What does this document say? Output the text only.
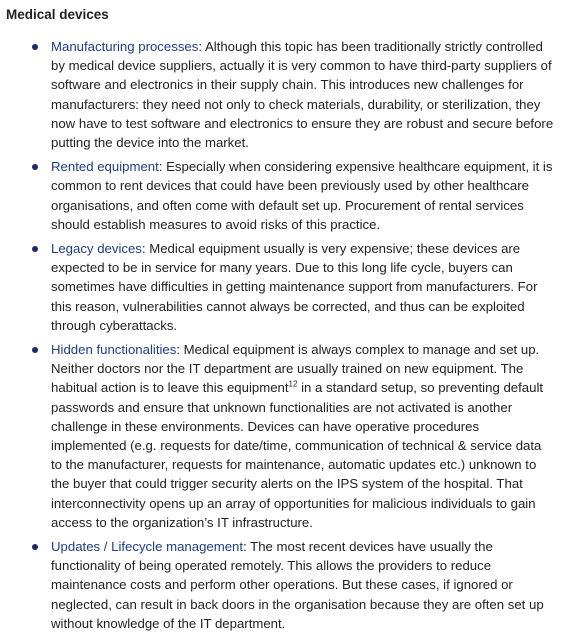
Medical devices
Manufacturing processes: Although this topic has been traditionally strictly controlled by medical device suppliers, actually it is very common to have third-party suppliers of software and electronics in their supply chain. This introduces new challenges for manufacturers: they need not only to check materials, durability, or sterilization, they now have to test software and electronics to ensure they are robust and secure before putting the device into the market.
Rented equipment: Especially when considering expensive healthcare equipment, it is common to rent devices that could have been previously used by other healthcare organisations, and often come with default set up. Procurement of rental services should establish measures to avoid risks of this practice.
Legacy devices: Medical equipment usually is very expensive; these devices are expected to be in service for many years. Due to this long life cycle, buyers can sometimes have difficulties in getting maintenance support from manufacturers. For this reason, vulnerabilities cannot always be corrected, and thus can be exploited through cyberattacks.
Hidden functionalities: Medical equipment is always complex to manage and set up. Neither doctors nor the IT department are usually trained on new equipment. The habitual action is to leave this equipment$^{12}$ in a standard setup, so preventing default passwords and ensure that unknown functionalities are not activated is another challenge in these environments. Devices can have operative procedures implemented (e.g. requests for date/time, communication of technical & service data to the manufacturer, requests for maintenance, automatic updates etc.) unknown to the buyer that could trigger security alerts on the IPS system of the hospital. That interconnectivity opens up an array of opportunities for malicious individuals to gain access to the organization’s IT infrastructure.
Updates / Lifecycle management: The most recent devices have usually the functionality of being operated remotely. This allows the providers to reduce maintenance costs and perform other operations. But these cases, if ignored or neglected, can result in back doors in the organisation because they are often set up without knowledge of the IT department.
